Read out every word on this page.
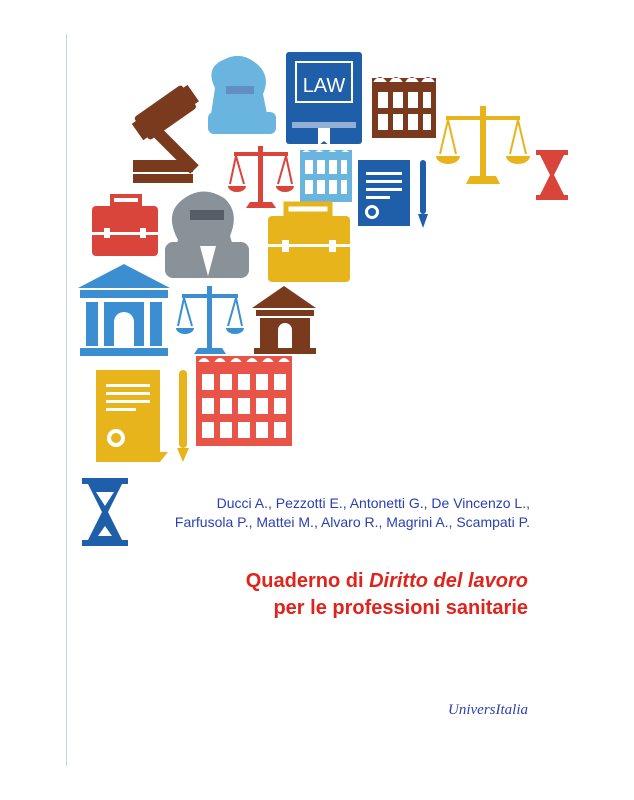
LAW
Ducci A., Pezzotti E., Antonetti G., De Vincenzo L.,
Farfusola P., Mattei M., Alvaro R., Magrini A., Scampati P.
Quaderno di Diritto del lavoro
per le professioni sanitarie
UniversItalia
